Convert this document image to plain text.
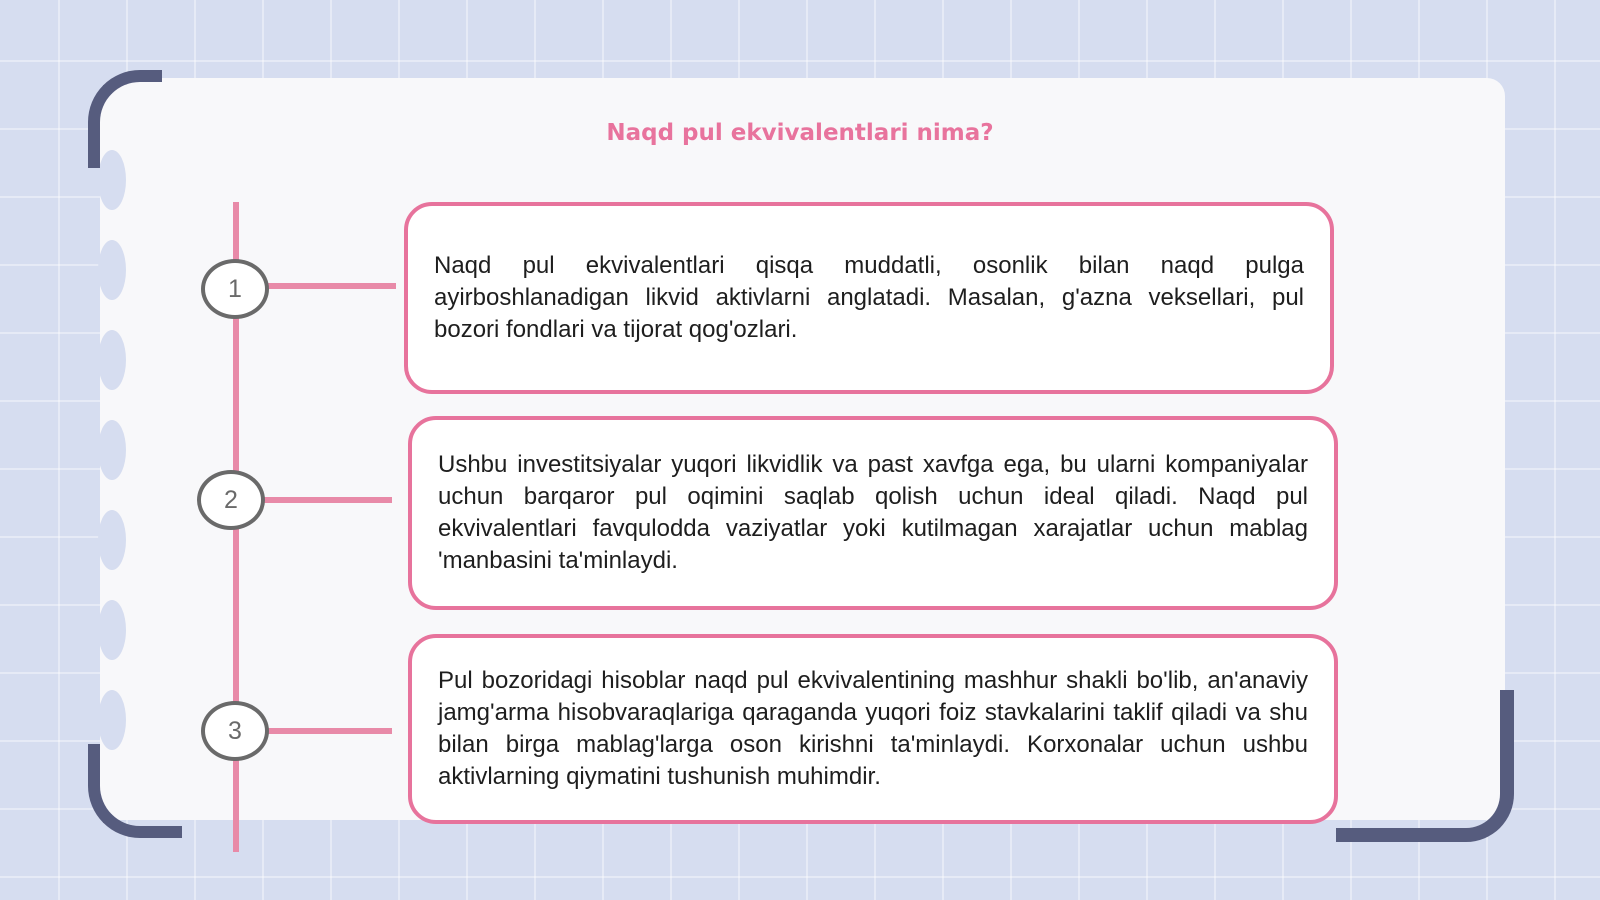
Naqd pul ekvivalentlari nima?
1
2
3

Naqd pul ekvivalentlari qisqa muddatli, osonlik bilan naqd pulga ayirboshlanadigan likvid aktivlarni anglatadi. Masalan, g'azna veksellari, pul bozori fondlari va tijorat qog'ozlari.

Ushbu investitsiyalar yuqori likvidlik va past xavfga ega, bu ularni kompaniyalar uchun barqaror pul oqimini saqlab qolish uchun ideal qiladi. Naqd pul ekvivalentlari favqulodda vaziyatlar yoki kutilmagan xarajatlar uchun mablag 'manbasini ta'minlaydi.

Pul bozoridagi hisoblar naqd pul ekvivalentining mashhur shakli bo'lib, an'anaviy jamg'arma hisobvaraqlariga qaraganda yuqori foiz stavkalarini taklif qiladi va shu bilan birga mablag'larga oson kirishni ta'minlaydi. Korxonalar uchun ushbu aktivlarning qiymatini tushunish muhimdir.
